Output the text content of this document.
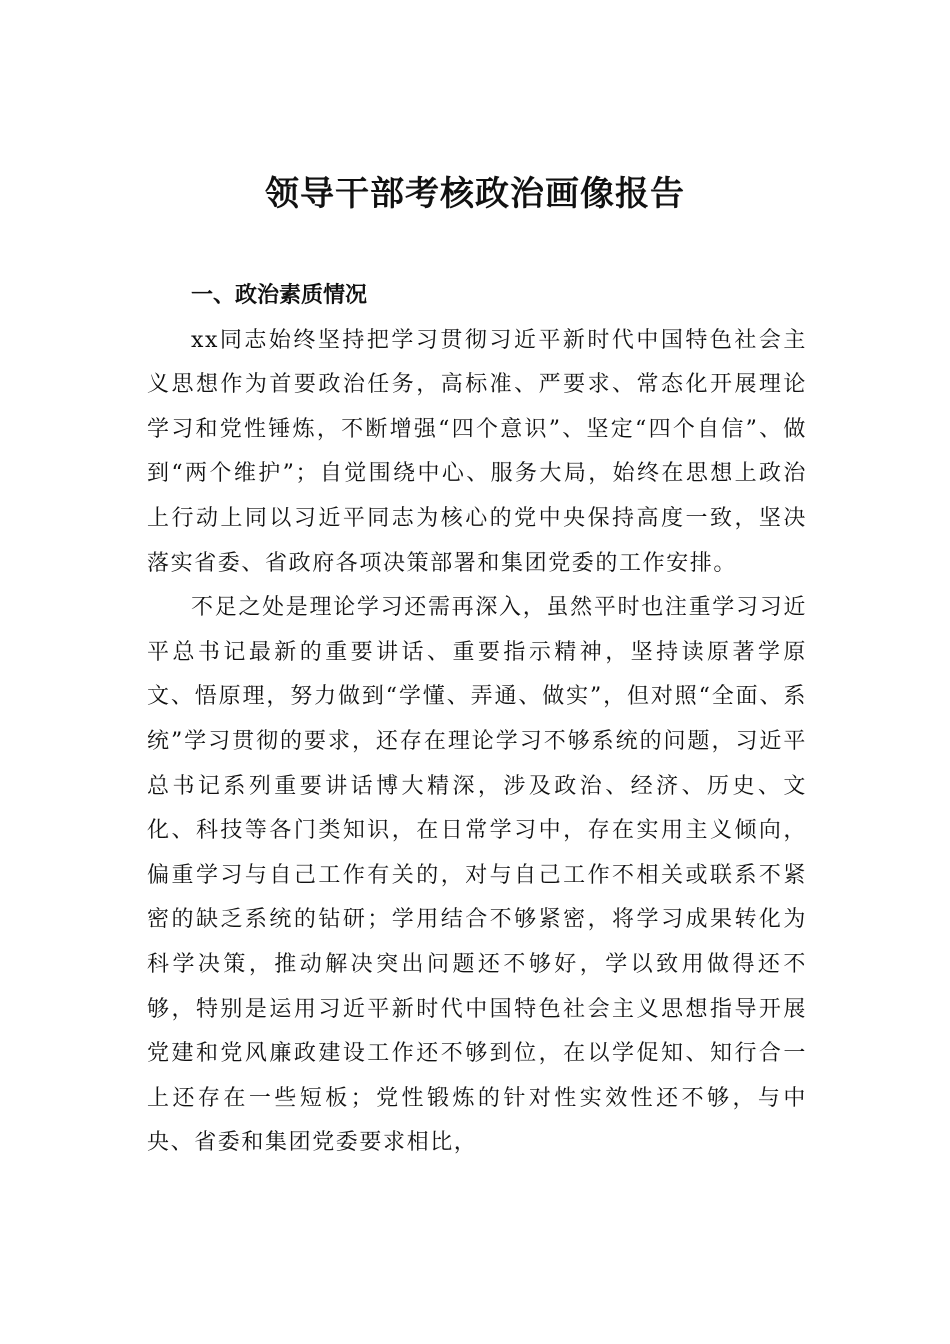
领导干部考核政治画像报告

一、政治素质情况

xx同志始终坚持把学习贯彻习近平新时代中国特色社会主义思想作为首要政治任务，高标准、严要求、常态化开展理论学习和党性锤炼，不断增强“四个意识”、坚定“四个自信”、做到“两个维护”；自觉围绕中心、服务大局，始终在思想上政治上行动上同以习近平同志为核心的党中央保持高度一致，坚决落实省委、省政府各项决策部署和集团党委的工作安排。

不足之处是理论学习还需再深入，虽然平时也注重学习习近平总书记最新的重要讲话、重要指示精神，坚持读原著学原文、悟原理，努力做到“学懂、弄通、做实”，但对照“全面、系统”学习贯彻的要求，还存在理论学习不够系统的问题，习近平总书记系列重要讲话博大精深，涉及政治、经济、历史、文化、科技等各门类知识，在日常学习中，存在实用主义倾向，偏重学习与自己工作有关的，对与自己工作不相关或联系不紧密的缺乏系统的钻研；学用结合不够紧密，将学习成果转化为科学决策，推动解决突出问题还不够好，学以致用做得还不够，特别是运用习近平新时代中国特色社会主义思想指导开展党建和党风廉政建设工作还不够到位，在以学促知、知行合一上还存在一些短板；党性锻炼的针对性实效性还不够，与中央、省委和集团党委要求相比，
